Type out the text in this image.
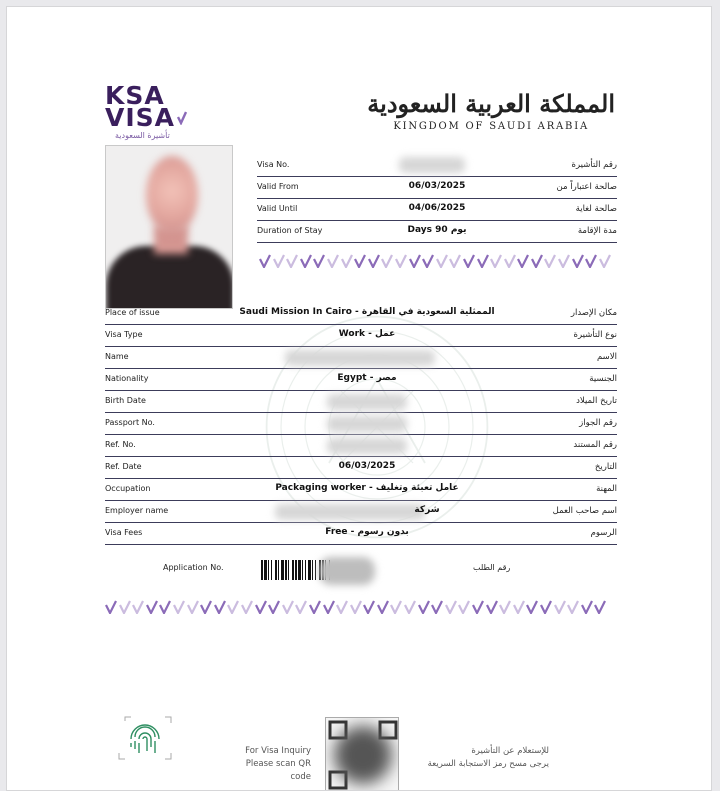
KSA
VISA
تأشيرة السعودية
المملكة العربية السعودية
KINGDOM OF SAUDI ARABIA
Visa No.	رقم التأشيرة
Valid From	06/03/2025	صالحة اعتباراً من
Valid Until	04/06/2025	صالحة لغاية
Duration of Stay	Days 90 يوم	مدة الإقامة
Place of issue	Saudi Mission In Cairo - الممثلية السعودية في القاهرة	مكان الإصدار
Visa Type	Work - عمل	نوع التأشيرة
Name	الاسم
Nationality	Egypt - مصر	الجنسية
Birth Date	تاريخ الميلاد
Passport No.	رقم الجواز
Ref. No.	رقم المستند
Ref. Date	06/03/2025	التاريخ
Occupation	Packaging worker - عامل تعبئة وتغليف	المهنة
Employer name	شركة	اسم صاحب العمل
Visa Fees	Free - بدون رسوم	الرسوم
Application No.	رقم الطلب
For Visa Inquiry
Please scan QR code
للإستعلام عن التأشيرة
يرجى مسح رمز الاستجابة السريعة
